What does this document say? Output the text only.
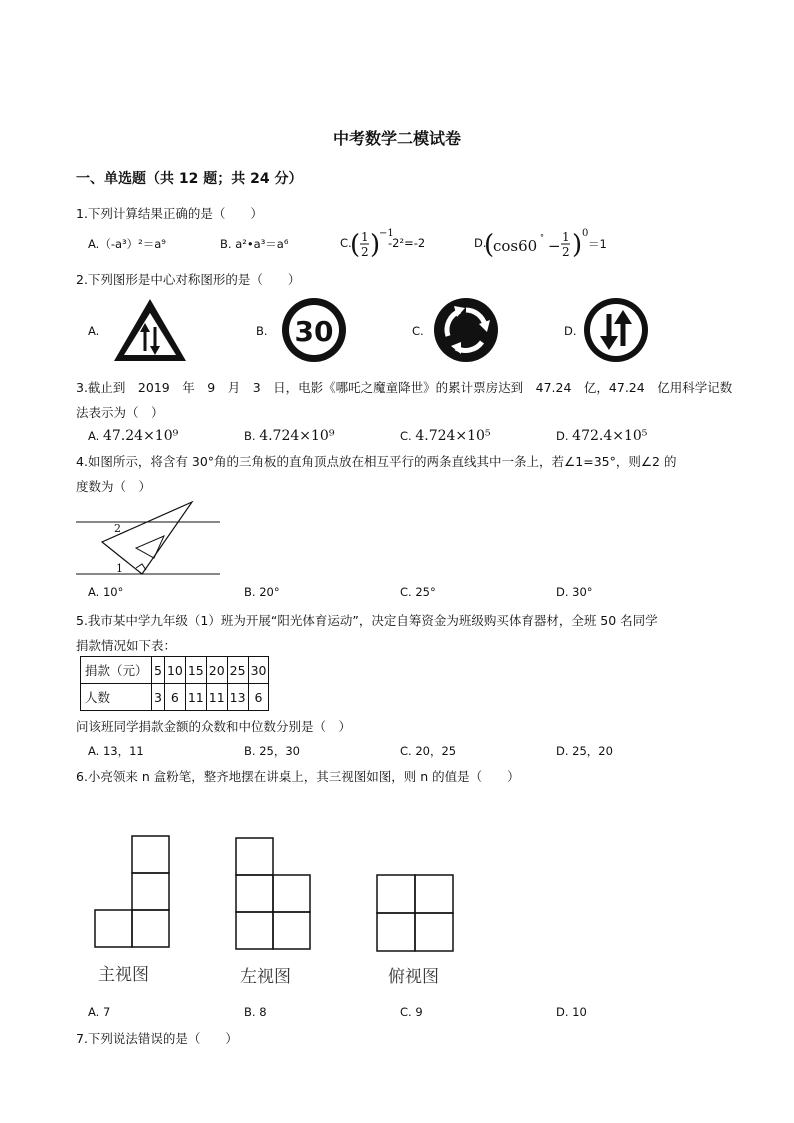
中考数学二模试卷
一、单选题（共 12 题；共 24 分）
1.下列计算结果正确的是（　　）
A.（-a³）²＝a⁹	B. a²•a³＝a⁶	C.
( 1
2 )
−1
-2²=-2	D.
(
cos60 ° − 1
2 ) 0
＝1
2.下列图形是中心对称图形的是（　　）
A.	B. 30	C.	D.
3.截止到　2019　年　9　月　3　日，电影《哪吒之魔童降世》的累计票房达到　47.24　亿，47.24　亿用科学记数
法表示为（　）
A. 47.24×10⁹	B. 4.724×10⁹	C. 4.724×10⁵	D. 472.4×10⁵
4.如图所示，将含有 30°角的三角板的直角顶点放在相互平行的两条直线其中一条上，若∠1=35°，则∠2 的
度数为（　）
2
1
A. 10°	B. 20°	C. 25°	D. 30°
5.我市某中学九年级（1）班为开展“阳光体育运动”，决定自筹资金为班级购买体育器材，全班 50 名同学
捐款情况如下表：
捐款（元）	5	10	15	20	25	30
人数	3	6	11	11	13	6
问该班同学捐款金额的众数和中位数分别是（　）
A. 13，11	B. 25，30	C. 20，25	D. 25，20
6.小亮领来 n 盒粉笔，整齐地摆在讲桌上，其三视图如图，则 n 的值是（　　）
主视图	左视图	俯视图
A. 7	B. 8	C. 9	D. 10
7.下列说法错误的是（　　）
